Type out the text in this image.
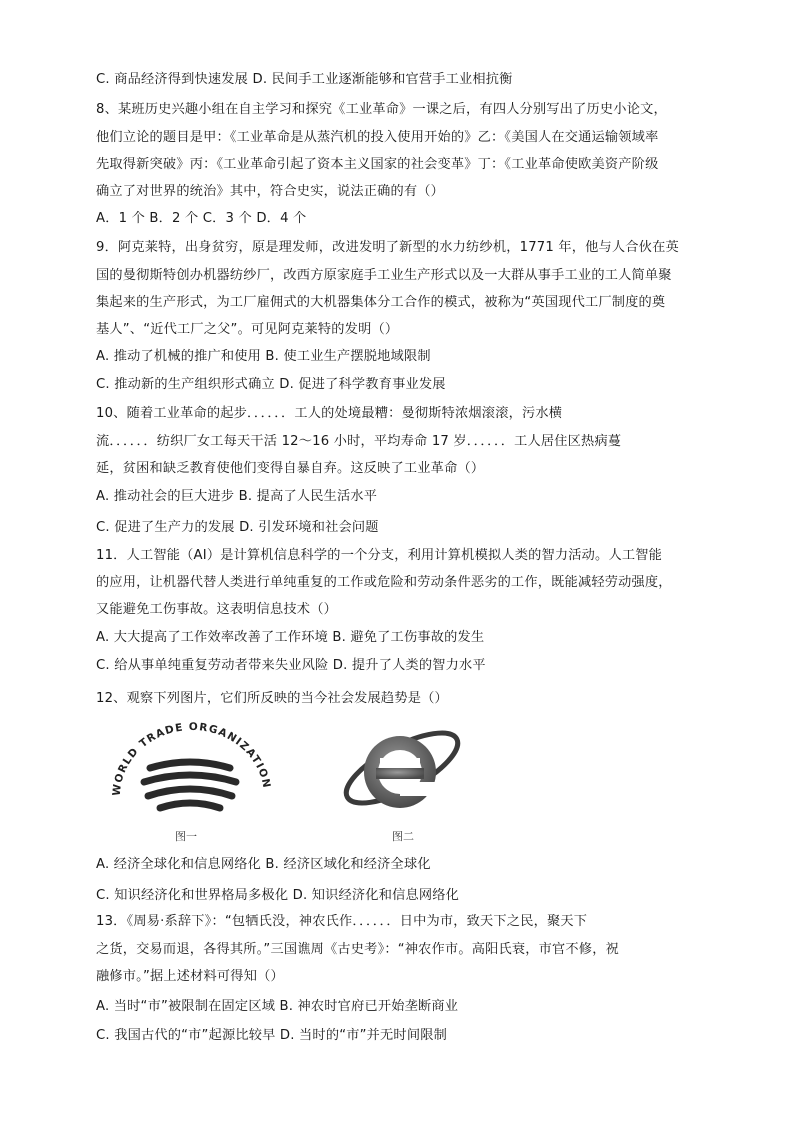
C. 商品经济得到快速发展 D. 民间手工业逐渐能够和官营手工业相抗衡
8、某班历史兴趣小组在自主学习和探究《工业革命》一课之后，有四人分别写出了历史小论文，
他们立论的题目是甲：《工业革命是从蒸汽机的投入使用开始的》乙：《美国人在交通运输领域率
先取得新突破》丙：《工业革命引起了资本主义国家的社会变革》丁：《工业革命使欧美资产阶级
确立了对世界的统治》其中，符合史实，说法正确的有（）
A．1 个 B．2 个 C．3 个 D．4 个
9．阿克莱特，出身贫穷，原是理发师，改进发明了新型的水力纺纱机，1771 年，他与人合伙在英
国的曼彻斯特创办机器纺纱厂，改西方原家庭手工业生产形式以及一大群从事手工业的工人简单聚
集起来的生产形式，为工厂雇佣式的大机器集体分工合作的模式，被称为“英国现代工厂制度的奠
基人”、“近代工厂之父”。可见阿克莱特的发明（）
A. 推动了机械的推广和使用 B. 使工业生产摆脱地域限制
C. 推动新的生产组织形式确立 D. 促进了科学教育事业发展
10、随着工业革命的起步．．．．．．工人的处境最糟：曼彻斯特浓烟滚滚，污水横
流．．．．．．纺织厂女工每天干活 12～16 小时，平均寿命 17 岁．．．．．．工人居住区热病蔓
延，贫困和缺乏教育使他们变得自暴自弃。这反映了工业革命（）
A. 推动社会的巨大进步 B. 提高了人民生活水平
C. 促进了生产力的发展 D. 引发环境和社会问题
11．人工智能（AI）是计算机信息科学的一个分支，利用计算机模拟人类的智力活动。人工智能
的应用，让机器代替人类进行单纯重复的工作或危险和劳动条件恶劣的工作，既能减轻劳动强度，
又能避免工伤事故。这表明信息技术（）
A. 大大提高了工作效率改善了工作环境 B. 避免了工伤事故的发生
C. 给从事单纯重复劳动者带来失业风险 D. 提升了人类的智力水平
12、观察下列图片，它们所反映的当今社会发展趋势是（）
WORLD TRADE ORGANIZATION
图一	图二
A. 经济全球化和信息网络化 B. 经济区域化和经济全球化
C. 知识经济化和世界格局多极化 D. 知识经济化和信息网络化
13．《周易·系辞下》：“包牺氏没，神农氏作．．．．．．日中为市，致天下之民，聚天下
之货，交易而退，各得其所。”三国谯周《古史考》：“神农作市。高阳氏衰，市官不修，祝
融修市。”据上述材料可得知（）
A. 当时“市”被限制在固定区域 B. 神农时官府已开始垄断商业
C. 我国古代的“市”起源比较早 D. 当时的“市”并无时间限制
